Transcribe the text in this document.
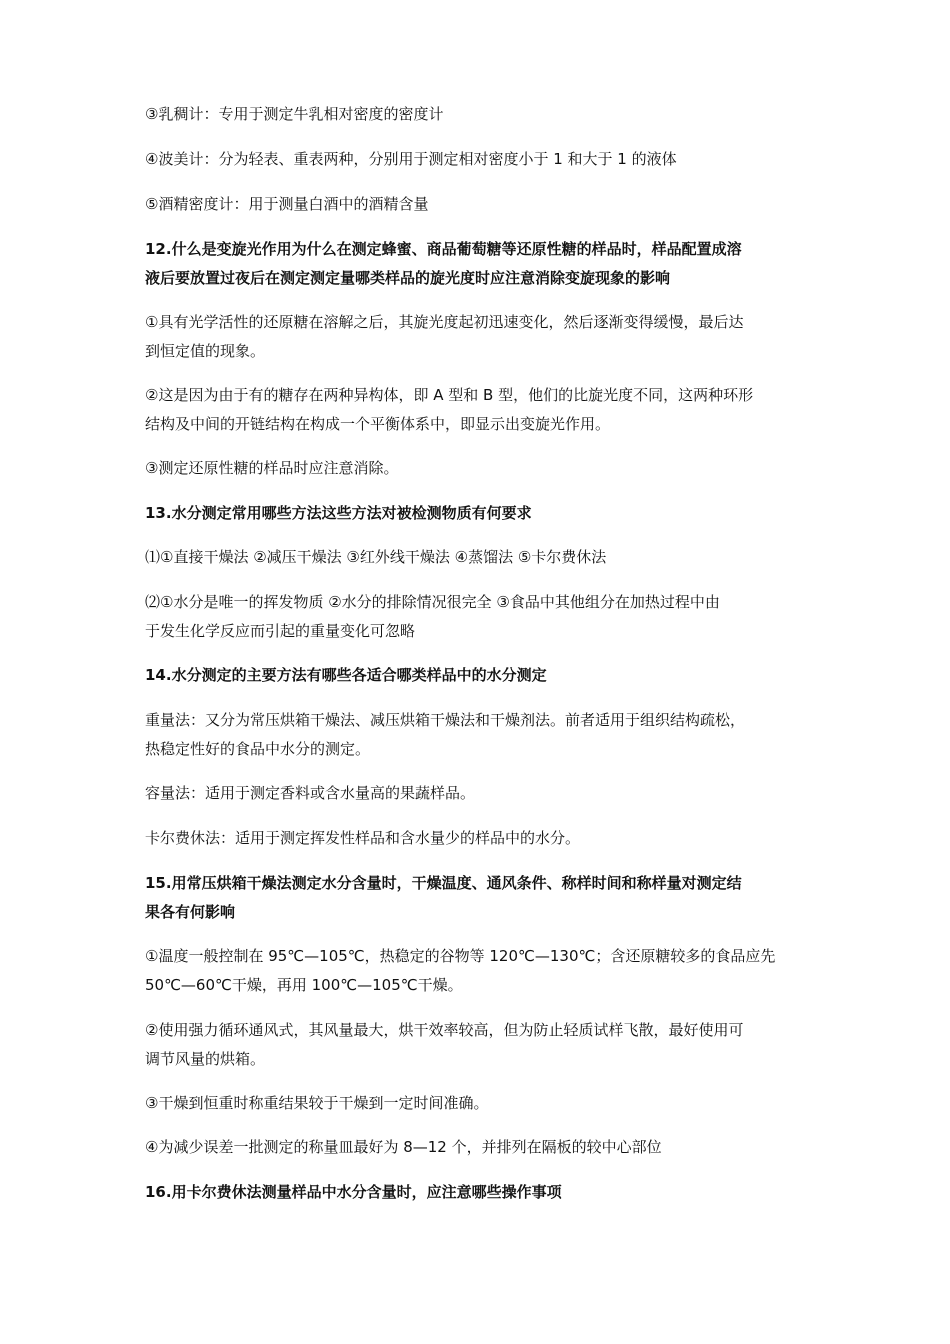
③乳稠计：专用于测定牛乳相对密度的密度计
④波美计：分为轻表、重表两种，分别用于测定相对密度小于 1 和大于 1 的液体
⑤酒精密度计：用于测量白酒中的酒精含量
12.什么是变旋光作用为什么在测定蜂蜜、商品葡萄糖等还原性糖的样品时，样品配置成溶
液后要放置过夜后在测定测定量哪类样品的旋光度时应注意消除变旋现象的影响
①具有光学活性的还原糖在溶解之后，其旋光度起初迅速变化，然后逐渐变得缓慢，最后达
到恒定值的现象。
②这是因为由于有的糖存在两种异构体，即 A 型和 B 型，他们的比旋光度不同，这两种环形
结构及中间的开链结构在构成一个平衡体系中，即显示出变旋光作用。
③测定还原性糖的样品时应注意消除。
13.水分测定常用哪些方法这些方法对被检测物质有何要求
⑴①直接干燥法 ②减压干燥法 ③红外线干燥法 ④蒸馏法 ⑤卡尔费休法
⑵①水分是唯一的挥发物质 ②水分的排除情况很完全 ③食品中其他组分在加热过程中由
于发生化学反应而引起的重量变化可忽略
14.水分测定的主要方法有哪些各适合哪类样品中的水分测定
重量法：又分为常压烘箱干燥法、减压烘箱干燥法和干燥剂法。前者适用于组织结构疏松，
热稳定性好的食品中水分的测定。
容量法：适用于测定香料或含水量高的果蔬样品。
卡尔费休法：适用于测定挥发性样品和含水量少的样品中的水分。
15.用常压烘箱干燥法测定水分含量时，干燥温度、通风条件、称样时间和称样量对测定结
果各有何影响
①温度一般控制在 95℃—105℃，热稳定的谷物等 120℃—130℃；含还原糖较多的食品应先
50℃—60℃干燥，再用 100℃—105℃干燥。
②使用强力循环通风式，其风量最大，烘干效率较高，但为防止轻质试样飞散，最好使用可
调节风量的烘箱。
③干燥到恒重时称重结果较于干燥到一定时间准确。
④为减少误差一批测定的称量皿最好为 8—12 个，并排列在隔板的较中心部位
16.用卡尔费休法测量样品中水分含量时，应注意哪些操作事项
